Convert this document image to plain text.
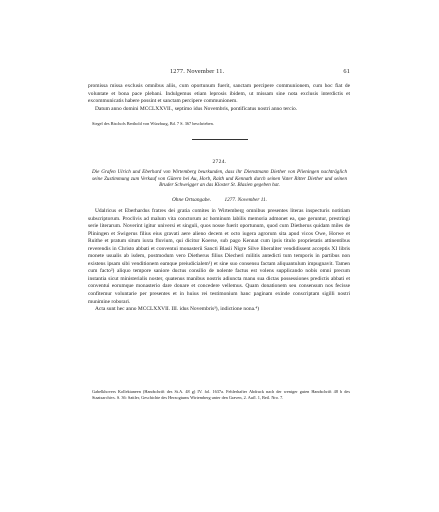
1277. November 11.	61

promissa missa exclusis omnibus aliis, cum oportunum fuerit, sanctam percipere communionem, cum hoc fiat de voluntate et bona pace plebani. Indulgemus etiam leprosis ibidem, ut missam sine nota exclusis interdictis et excommunicatis habere possint et sanctam percipere communionem.

Datum anno domini MCCLXXVII., septimo idus Novembris, pontificatus nostri anno tercio.

Siegel des Bischofs Berthold von Würzburg, Bd. 7 S. 367 beschrieben.
2724.
Die Grafen Ulrich und Eberhard von Wirtemberg beurkunden, dass ihr Dienstmann Diether von Plieningen nachträglich seine Zustimmung zum Verkauf von Gütern bei Au, Horb, Raith und Kennath durch seinen Vater Ritter Diether und seinen Bruder Schweigger an das Kloster St. Blasien gegeben hat.
Ohne Ortsangabe.	1277. November 11.

Udalricus et Eberhardus fratres dei gratia comites in Wirtemberg omnibus presentes literas inspecturis notitiam subscriptorum. Proclivis ad malum vita conctorum ac hominum labilis memoria admonet ea, que geruntur, prestringi serie literarum. Noverint igitur universi et singuli, quos nosse fuerit oportunum, quod cum Dietherus quidam miles de Pliningen et Swigerus filius eius gravati aere alieno decem et octo iugera agrorum sita apud vicos Owe, Horwe et Ruithe et pratum situm iuxta fluvium, qui dicitur Koerse, sub pago Kennat cum ipsis titulo proprietatis attinentibus reverendis in Christo abbati et conventui monasterii Sancti Blasii Nigre Silve liberaliter vendidissent acceptis XI libris monete usualis ab isdem, postmodum vero Dietherus filius Diecheri militis antedicti tum temporis in partibus non existens ipsam sibi venditionem eamque preiudicialem¹) et sine suo consensu factam aliquantulum impugnavit. Tamen cum facto²) aliquo tempore saniore ductus consilio de nolente factus est volens supplicando nobis omni precum instantia sicut ministerialis noster, quatenus manibus nostris adiuncta manu sua dictas possessiones predictis abbati et conventui eorumque monasterio dare donare et concedere vellemus. Quam donationem seu consensum nos fecisse confitemur voluntarie per presentes et in huius rei testimonium hanc paginam exinde conscriptam sigilli nostri munimine roborari.

Acta sunt hec anno MCCLXXVII. III. idus Novembris³), indictione nona.⁴)

Gabelkhovers Kollektaneen (Handschrift des St.A. 48 g) IV. fol. 1637a. Fehlerhafter Abdruck nach der weniger guten Handschrift 48 b des Staatsarchivs. S. 36: Sattler, Geschichte des Herzogtums Wirtemberg unter den Graven, 2. Aufl. 1, Beil. Nro. 7.
